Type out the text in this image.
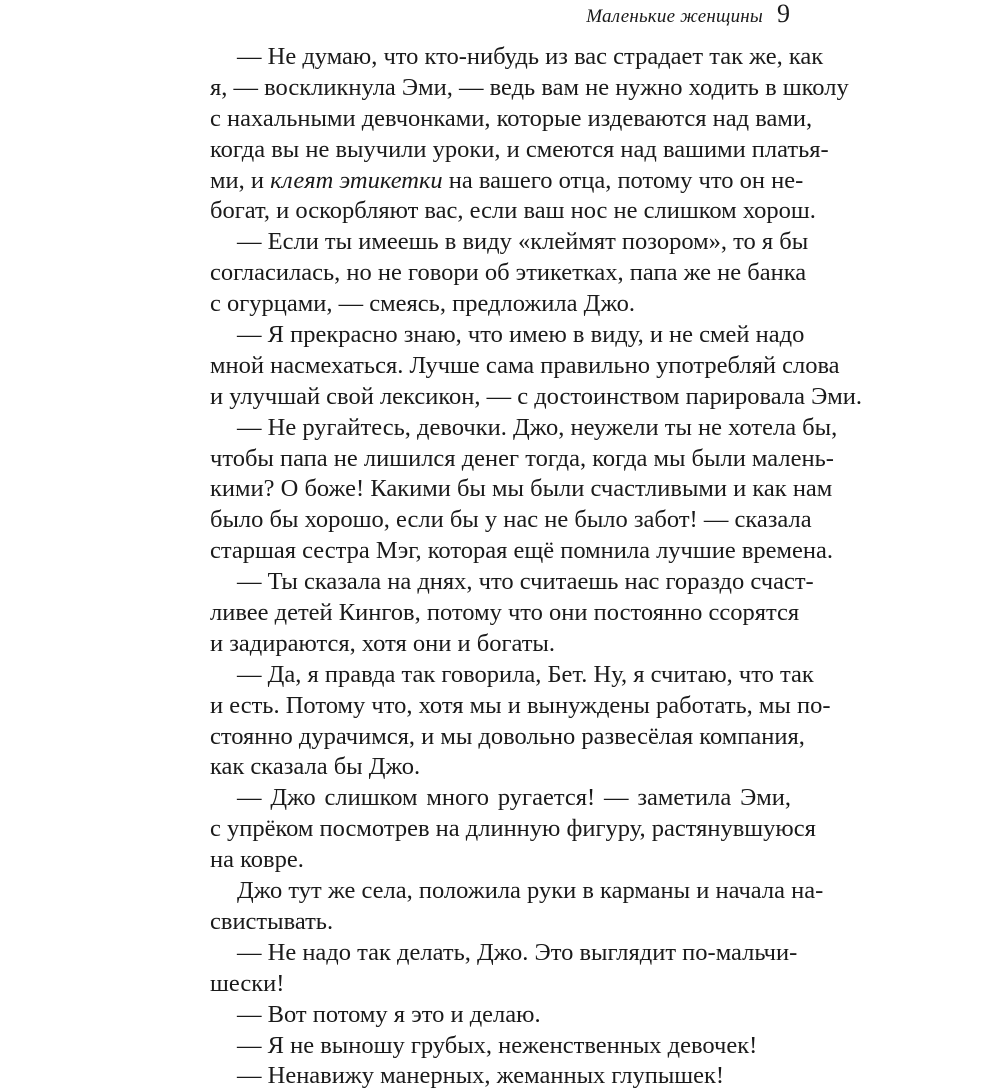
Маленькие женщины 9
— Не думаю, что кто-нибудь из вас страдает так же, как
я, — воскликнула Эми, — ведь вам не нужно ходить в школу
с нахальными девчонками, которые издеваются над вами,
когда вы не выучили уроки, и смеются над вашими платья-
ми, и клеят этикетки на вашего отца, потому что он не-
богат, и оскорбляют вас, если ваш нос не слишком хорош.
— Если ты имеешь в виду «клеймят позором», то я бы
согласилась, но не говори об этикетках, папа же не банка
с огурцами, — смеясь, предложила Джо.
— Я прекрасно знаю, что имею в виду, и не смей надо
мной насмехаться. Лучше сама правильно употребляй слова
и улучшай свой лексикон, — с достоинством парировала Эми.
— Не ругайтесь, девочки. Джо, неужели ты не хотела бы,
чтобы папа не лишился денег тогда, когда мы были малень-
кими? О боже! Какими бы мы были счастливыми и как нам
было бы хорошо, если бы у нас не было забот! — сказала
старшая сестра Мэг, которая ещё помнила лучшие времена.
— Ты сказала на днях, что считаешь нас гораздо счаст-
ливее детей Кингов, потому что они постоянно ссорятся
и задираются, хотя они и богаты.
— Да, я правда так говорила, Бет. Ну, я считаю, что так
и есть. Потому что, хотя мы и вынуждены работать, мы по-
стоянно дурачимся, и мы довольно развесёлая компания,
как сказала бы Джо.
— Джо слишком много ругается! — заметила Эми,
с упрёком посмотрев на длинную фигуру, растянувшуюся
на ковре.
Джо тут же села, положила руки в карманы и начала на-
свистывать.
— Не надо так делать, Джо. Это выглядит по-мальчи-
шески!
— Вот потому я это и делаю.
— Я не выношу грубых, неженственных девочек!
— Ненавижу манерных, жеманных глупышек!
